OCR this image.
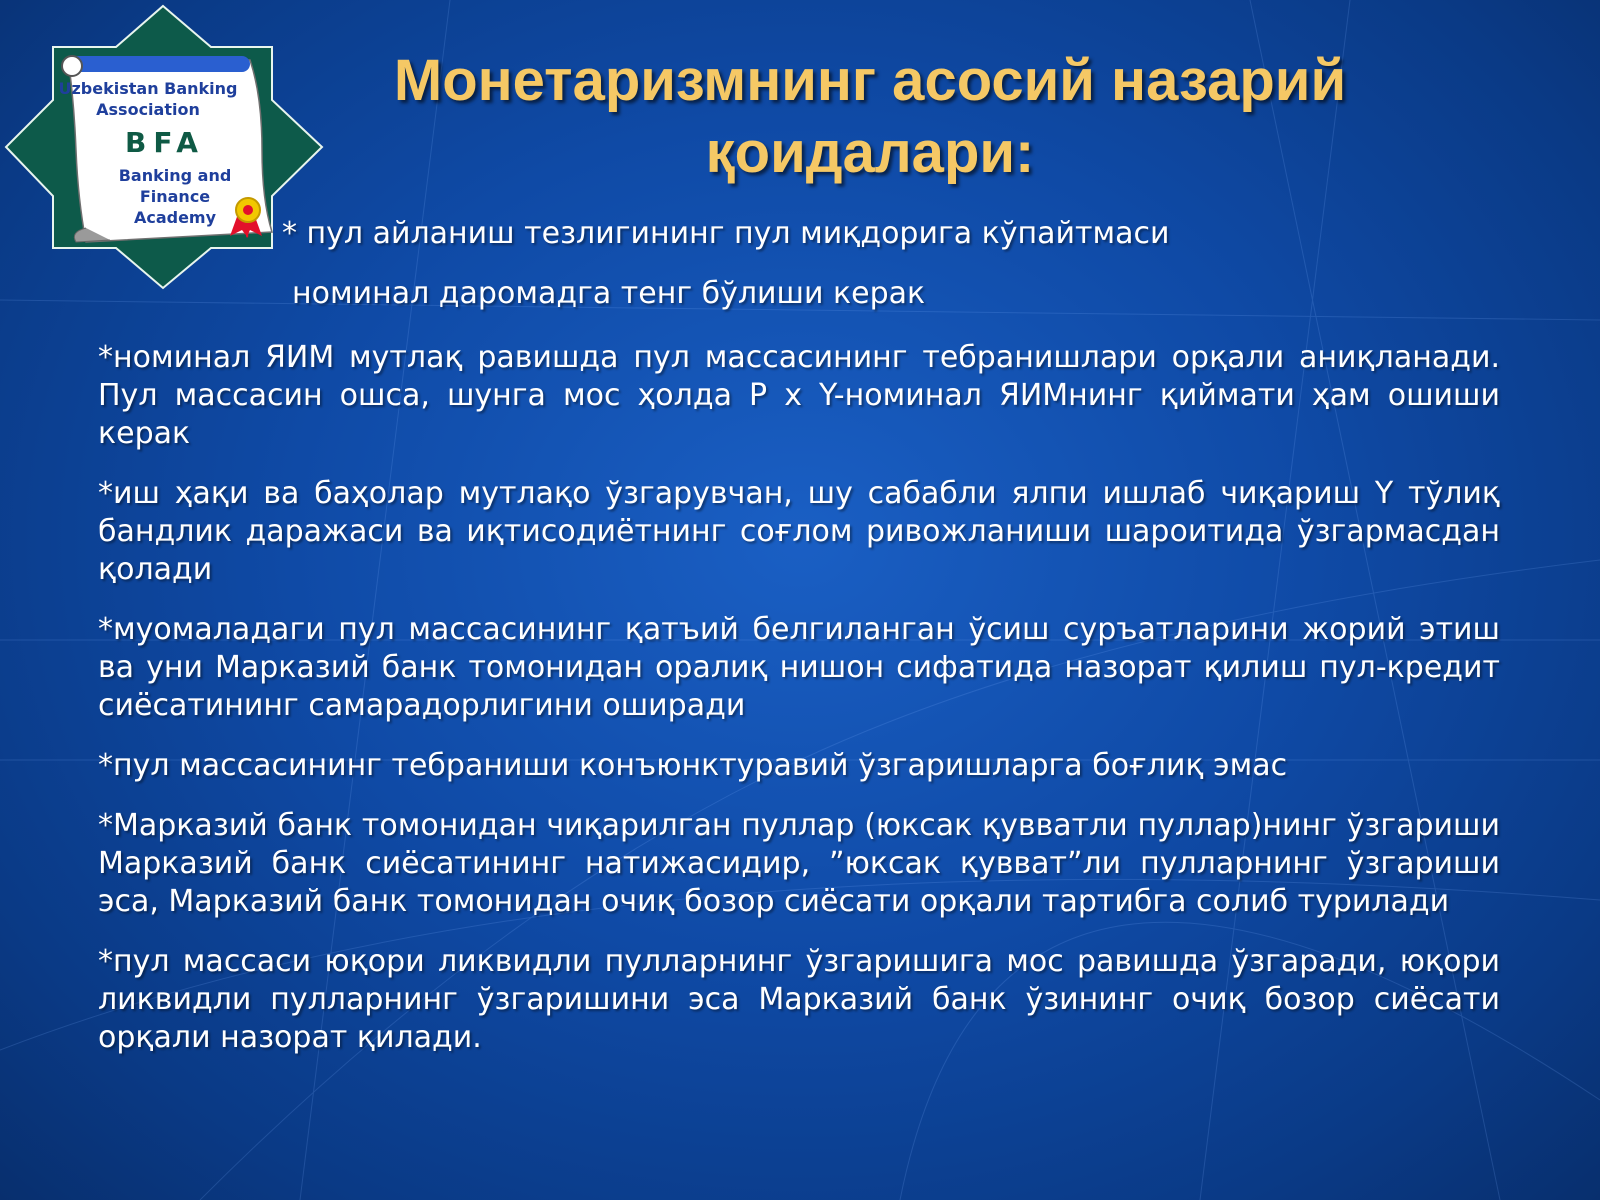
Uzbekistan Banking Association
BFA
Banking and Finance Academy
Монетаризмнинг асосий назарий қоидалари:
* пул айланиш тезлигининг пул миқдорига кўпайтмаси
номинал даромадга тенг бўлиши керак

*номинал ЯИМ мутлақ равишда пул массасининг тебранишлари орқали аниқланади. Пул массасин ошса, шунга мос ҳолда P x Y-номинал ЯИМнинг қиймати ҳам ошиши керак

*иш ҳақи ва баҳолар мутлақо ўзгарувчан, шу сабабли ялпи ишлаб чиқариш Y тўлиқ бандлик даражаси ва иқтисодиётнинг соғлом ривожланиши шароитида ўзгармасдан қолади

*муомаладаги пул массасининг қатъий белгиланган ўсиш суръатларини жорий этиш ва уни Марказий банк томонидан оралиқ нишон сифатида назорат қилиш пул-кредит сиёсатининг самарадорлигини оширади

*пул массасининг тебраниши конъюнктуравий ўзгаришларга боғлиқ эмас

*Марказий банк томонидан чиқарилган пуллар (юксак қувватли пуллар)нинг ўзгариши Марказий банк сиёсатининг натижасидир, ”юксак қувват”ли пулларнинг ўзгариши эса, Марказий банк томонидан очиқ бозор сиёсати орқали тартибга солиб турилади

*пул массаси юқори ликвидли пулларнинг ўзгаришига мос равишда ўзгаради, юқори ликвидли пулларнинг ўзгаришини эса Марказий банк ўзининг очиқ бозор сиёсати орқали назорат қилади.
